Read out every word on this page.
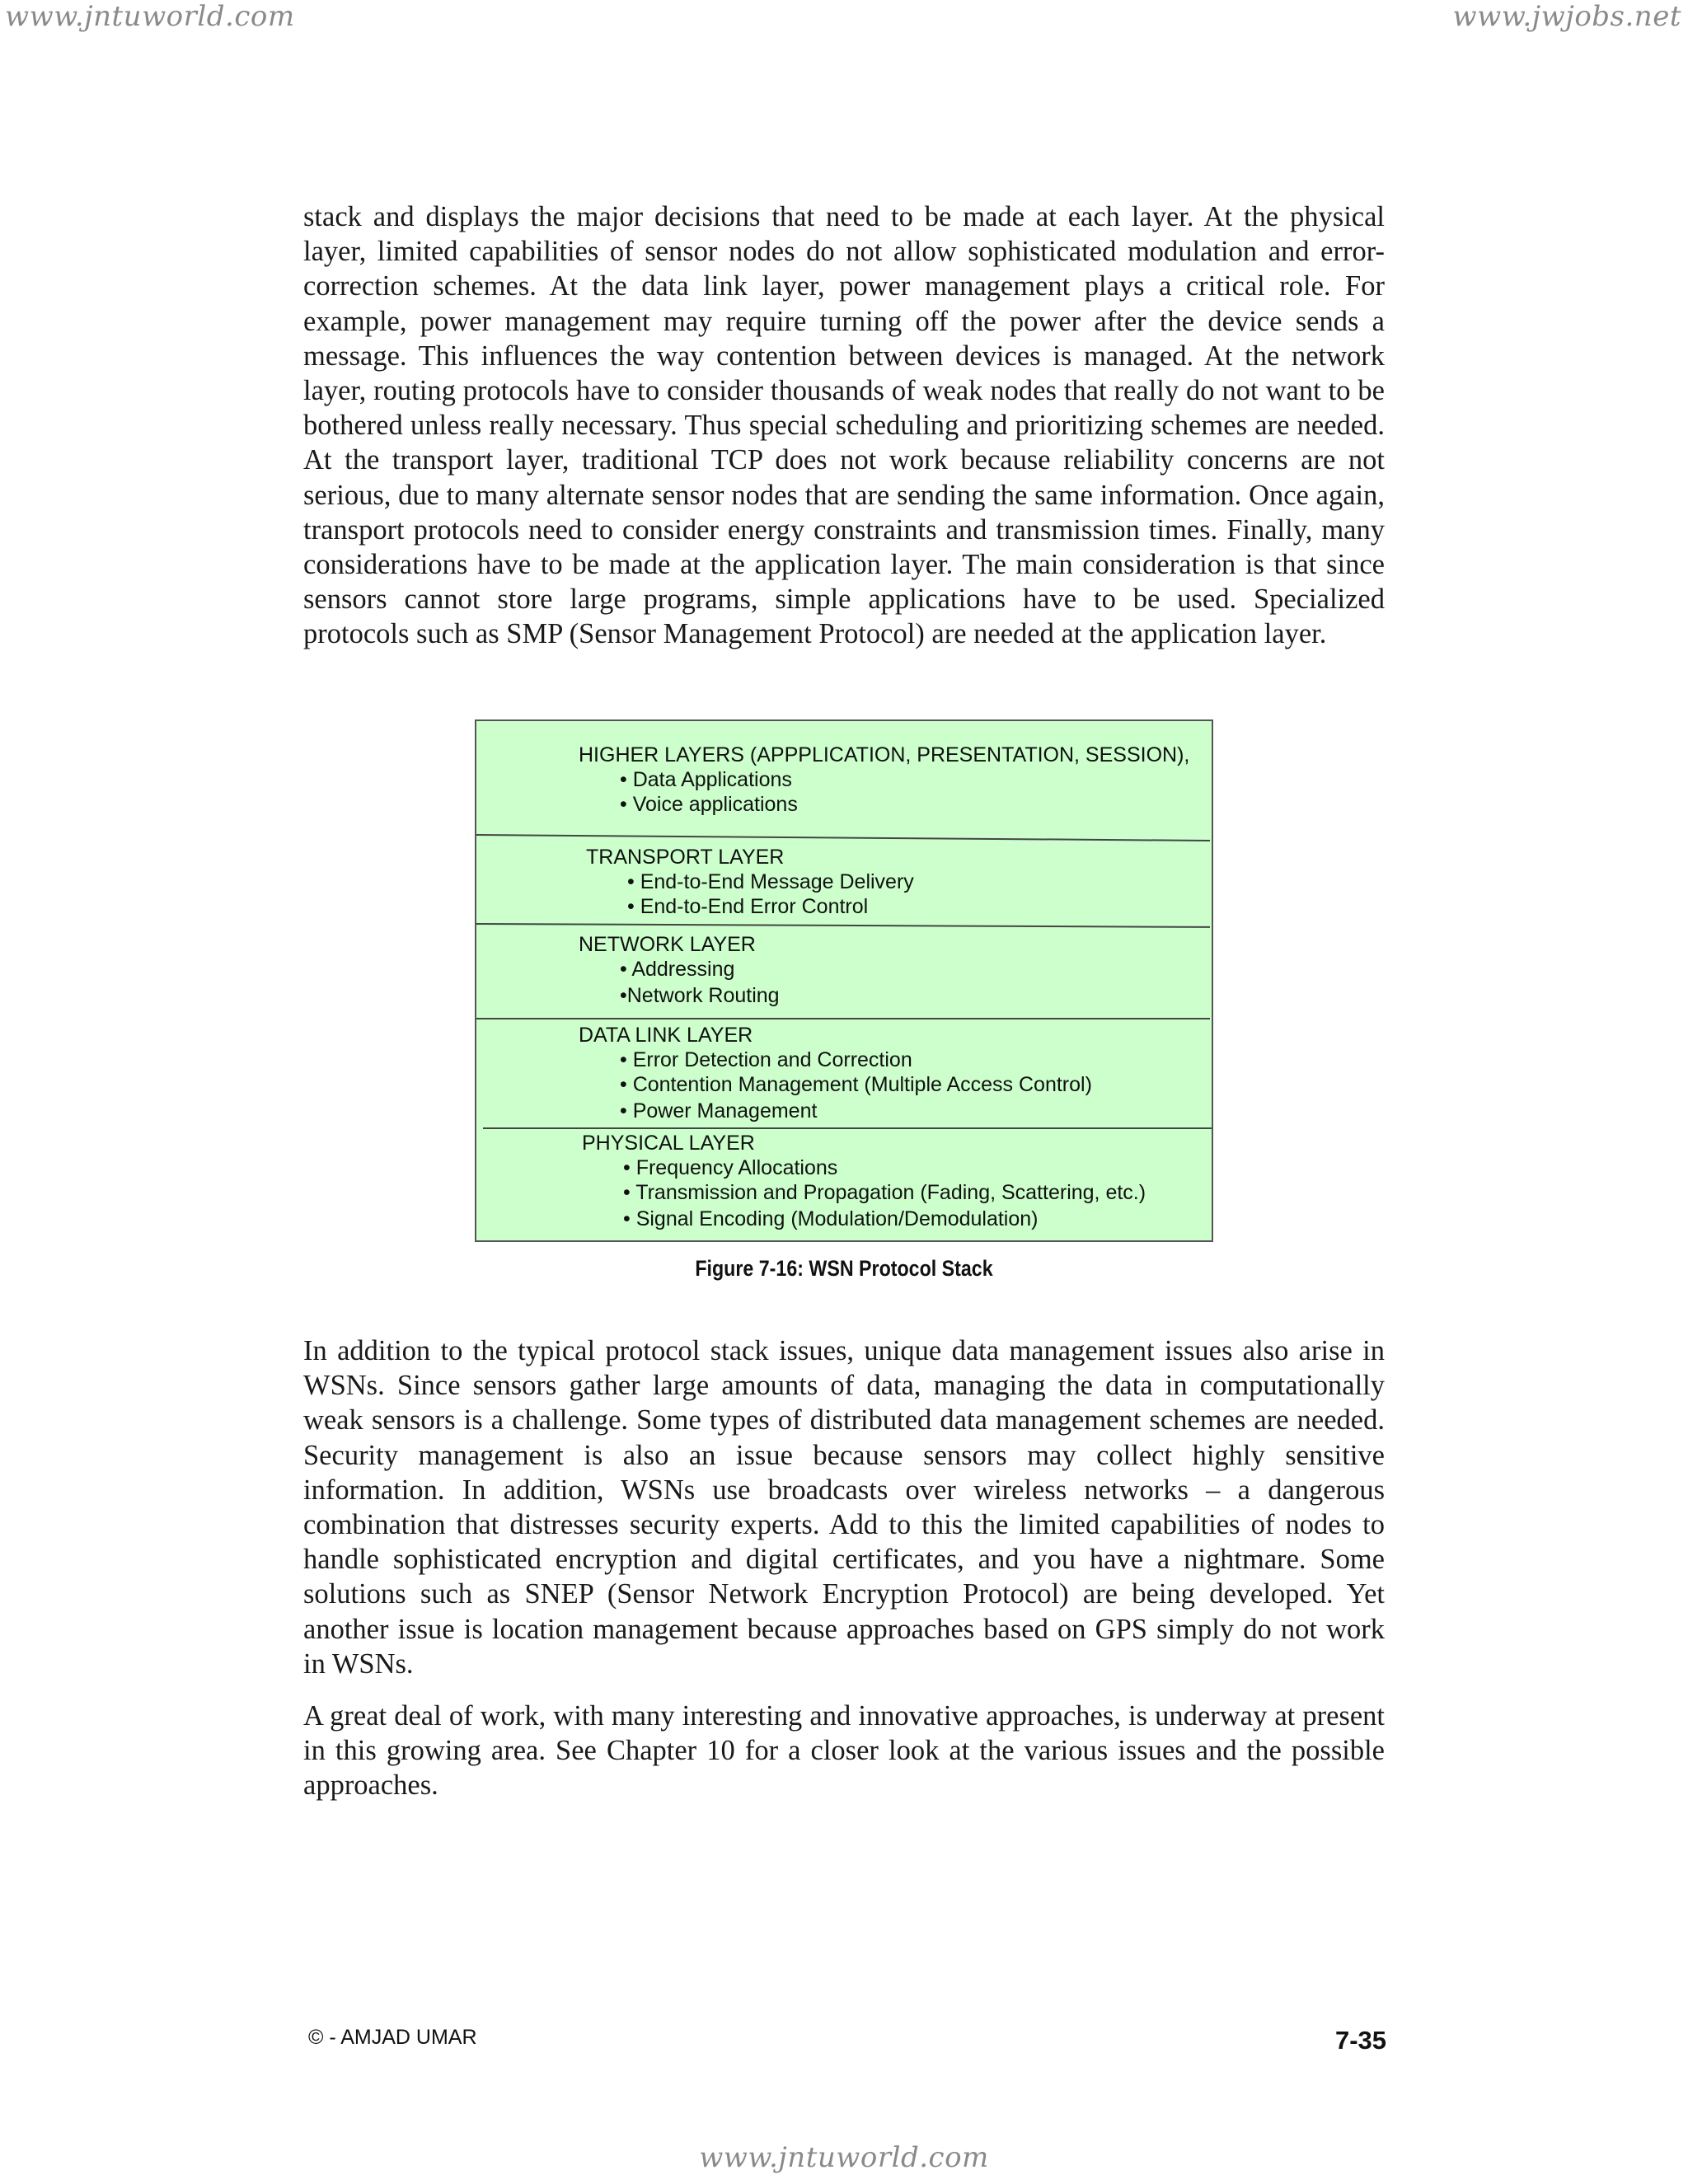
www.jntuworld.com	www.jwjobs.net

stack and displays the major decisions that need to be made at each layer. At the physical layer, limited capabilities of sensor nodes do not allow sophisticated modulation and error-correction schemes. At the data link layer, power management plays a critical role. For example, power management may require turning off the power after the device sends a message. This influences the way contention between devices is managed. At the network layer, routing protocols have to consider thousands of weak nodes that really do not want to be bothered unless really necessary. Thus special scheduling and prioritizing schemes are needed. At the transport layer, traditional TCP does not work because reliability concerns are not serious, due to many alternate sensor nodes that are sending the same information. Once again, transport protocols need to consider energy constraints and transmission times. Finally, many considerations have to be made at the application layer. The main consideration is that since sensors cannot store large programs, simple applications have to be used. Specialized protocols such as SMP (Sensor Management Protocol) are needed at the application layer.

HIGHER LAYERS (APPPLICATION, PRESENTATION, SESSION),
• Data Applications
• Voice applications
TRANSPORT LAYER
• End-to-End Message Delivery
• End-to-End Error Control
NETWORK LAYER
• Addressing
•Network Routing
DATA LINK LAYER
• Error Detection and Correction
• Contention Management (Multiple Access Control)
• Power Management
PHYSICAL LAYER
• Frequency Allocations
• Transmission and Propagation (Fading, Scattering, etc.)
• Signal Encoding (Modulation/Demodulation)
Figure 7-16: WSN Protocol Stack

In addition to the typical protocol stack issues, unique data management issues also arise in WSNs. Since sensors gather large amounts of data, managing the data in computationally weak sensors is a challenge. Some types of distributed data management schemes are needed. Security management is also an issue because sensors may collect highly sensitive information. In addition, WSNs use broadcasts over wireless networks – a dangerous combination that distresses security experts. Add to this the limited capabilities of nodes to handle sophisticated encryption and digital certificates, and you have a nightmare. Some solutions such as SNEP (Sensor Network Encryption Protocol) are being developed. Yet another issue is location management because approaches based on GPS simply do not work in WSNs.

A great deal of work, with many interesting and innovative approaches, is underway at present in this growing area. See Chapter 10 for a closer look at the various issues and the possible approaches.

© - AMJAD UMAR	7-35
www.jntuworld.com
